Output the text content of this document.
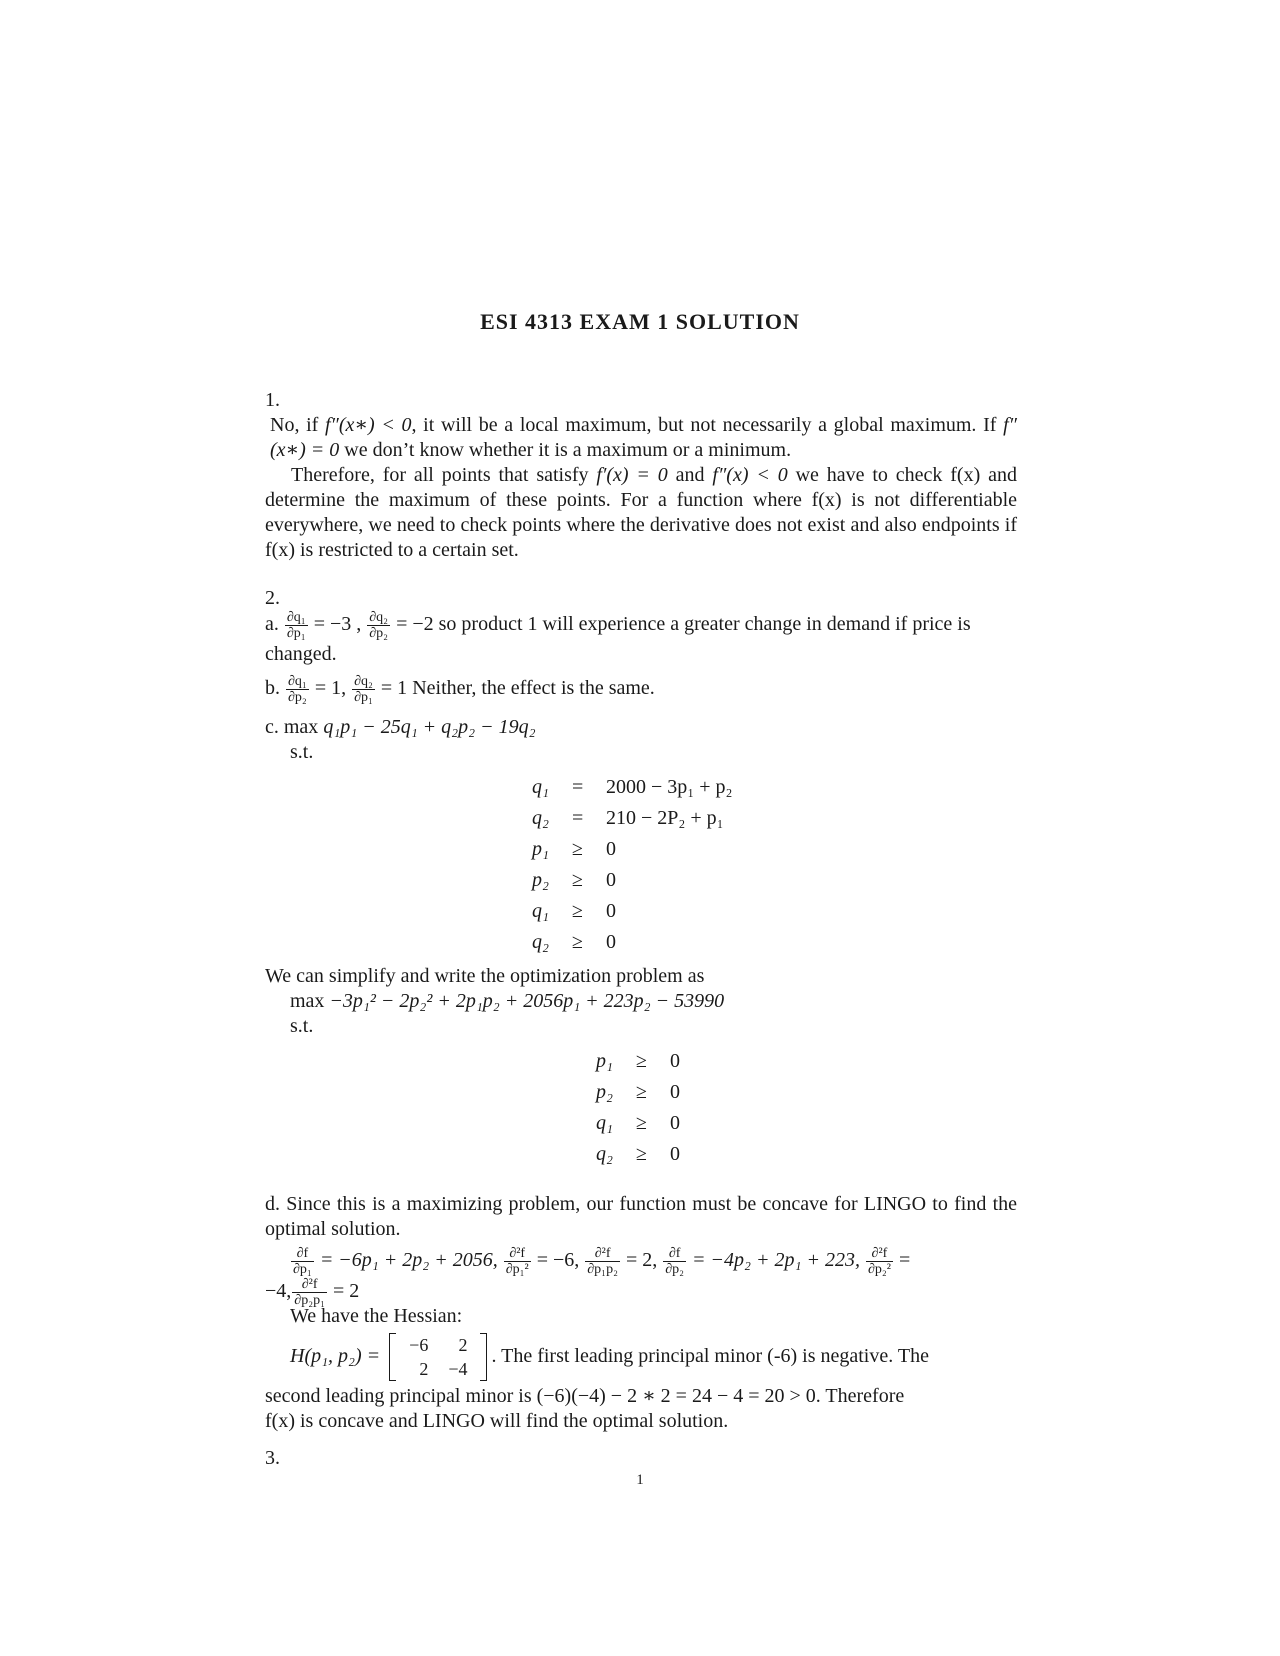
ESI 4313 EXAM 1 SOLUTION
1.
No, if f″(x∗) < 0, it will be a local maximum, but not necessarily a global maximum. If f″(x∗) = 0 we don’t know whether it is a maximum or a minimum.
Therefore, for all points that satisfy f′(x) = 0 and f″(x) < 0 we have to check f(x) and determine the maximum of these points. For a function where f(x) is not differentiable everywhere, we need to check points where the derivative does not exist and also endpoints if f(x) is restricted to a certain set.
2.
a. $\frac{\text{∂q₁}}{\text{∂p₁}} = -3$ , $\frac{\text{∂q₂}}{\text{∂p₂}} = -2$ so product 1 will experience a greater change in demand if price is changed.
b. $\frac{\text{∂q₁}}{\text{∂p₂}} = 1$, $\frac{\text{∂q₂}}{\text{∂p₁}} = 1$ Neither, the effect is the same.
c. max q₁p₁ − 25q₁ + q₂p₂ − 19q₂
s.t.
q₁ = 2000 − 3p₁ + p₂
q₂ = 210 − 2P₂ + p₁
p₁ ≥ 0
p₂ ≥ 0
q₁ ≥ 0
q₂ ≥ 0
We can simplify and write the optimization problem as
max −3p₁² − 2p₂² + 2p₁p₂ + 2056p₁ + 223p₂ − 53990
s.t.
p₁ ≥ 0
p₂ ≥ 0
q₁ ≥ 0
q₂ ≥ 0
d. Since this is a maximizing problem, our function must be concave for LINGO to find the optimal solution.
$\frac{\partial f}{\text{∂p₁}} = -6p_1 + 2p_2 + 2056$, $\frac{\text{∂²f}}{\text{∂p₁²}} = -6$, $\frac{\text{∂²f}}{\text{∂p₁p₂}} = 2$, $\frac{\partial f}{\text{∂p₂}} = -4p_2 + 2p_1 + 223$, $\frac{\text{∂²f}}{\text{∂p₂²}}$ =
−4, $\frac{\text{∂²f}}{\text{∂p₂p₁}} = 2$
We have the Hessian:
H(p₁, p₂) = −6	2
2	−4
. The first leading principal minor (-6) is negative. The
second leading principal minor is (−6)(−4) − 2 ∗ 2 = 24 − 4 = 20 > 0. Therefore
f(x) is concave and LINGO will find the optimal solution.
3.
1
